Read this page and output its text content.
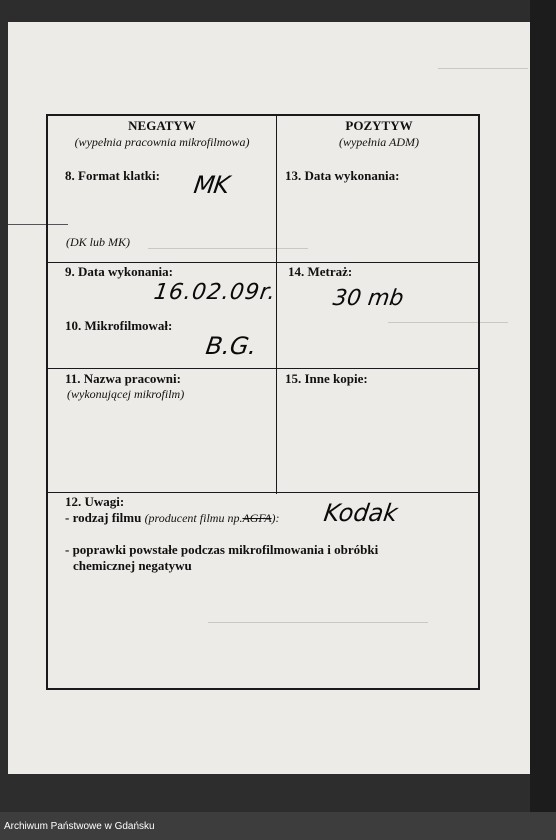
NEGATYW
(wypełnia pracownia mikrofilmowa)
POZYTYW
(wypełnia ADM)
8. Format klatki: MK
(DK lub MK)
13. Data wykonania:
9. Data wykonania:
16.02.09r.
14. Metraż:
30 mb
10. Mikrofilmował:
B.G.
11. Nazwa pracowni:
(wykonującej mikrofilm)
15. Inne kopie:
12. Uwagi:
- rodzaj filmu (producent filmu np.AGFA): Kodak
- poprawki powstałe podczas mikrofilmowania i obróbki
chemicznej negatywu
Archiwum Państwowe w Gdańsku
